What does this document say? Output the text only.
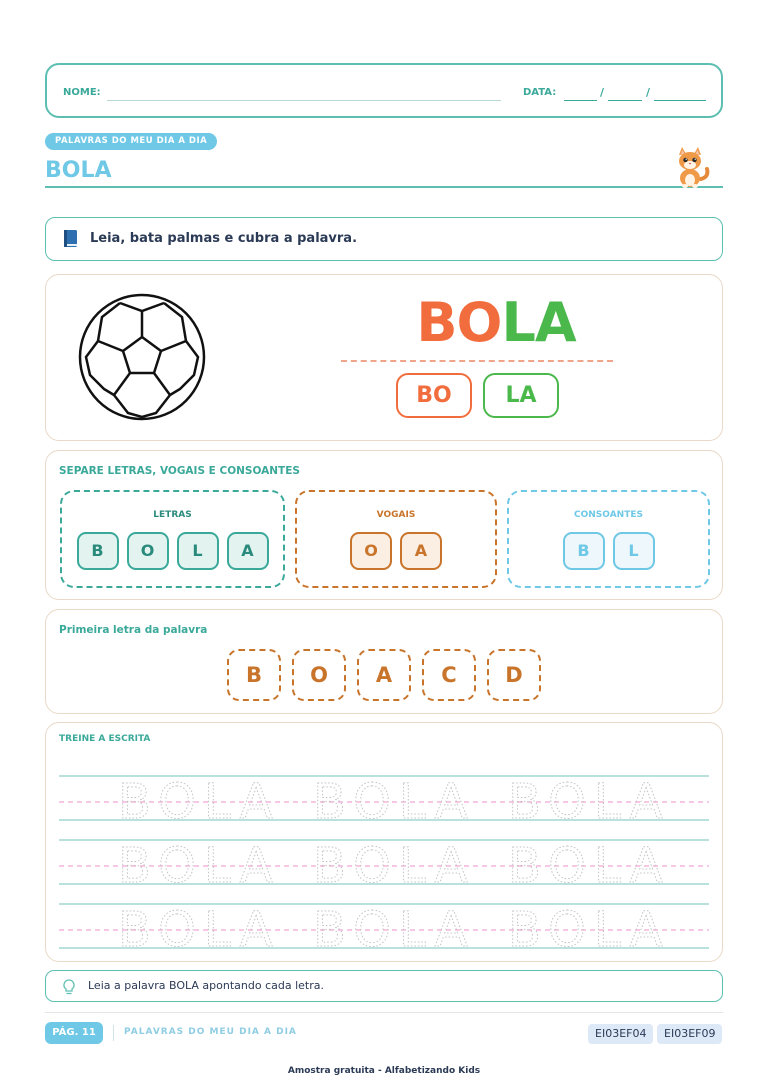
NOME:	DATA:	/	/
PALAVRAS DO MEU DIA A DIA
BOLA
Leia, bata palmas e cubra a palavra.
BOLA
BO	LA
SEPARE LETRAS, VOGAIS E CONSOANTES
LETRAS
B	O	L	A
VOGAIS
O	A
CONSOANTES
B	L
Primeira letra da palavra
B	O	A	C	D
TREINE A ESCRITA
BOLA BOLA BOLA
BOLA BOLA BOLA
BOLA BOLA BOLA
Leia a palavra BOLA apontando cada letra.
PÁG. 11	PALAVRAS DO MEU DIA A DIA	EI03EF04	EI03EF09
Amostra gratuita - Alfabetizando Kids
